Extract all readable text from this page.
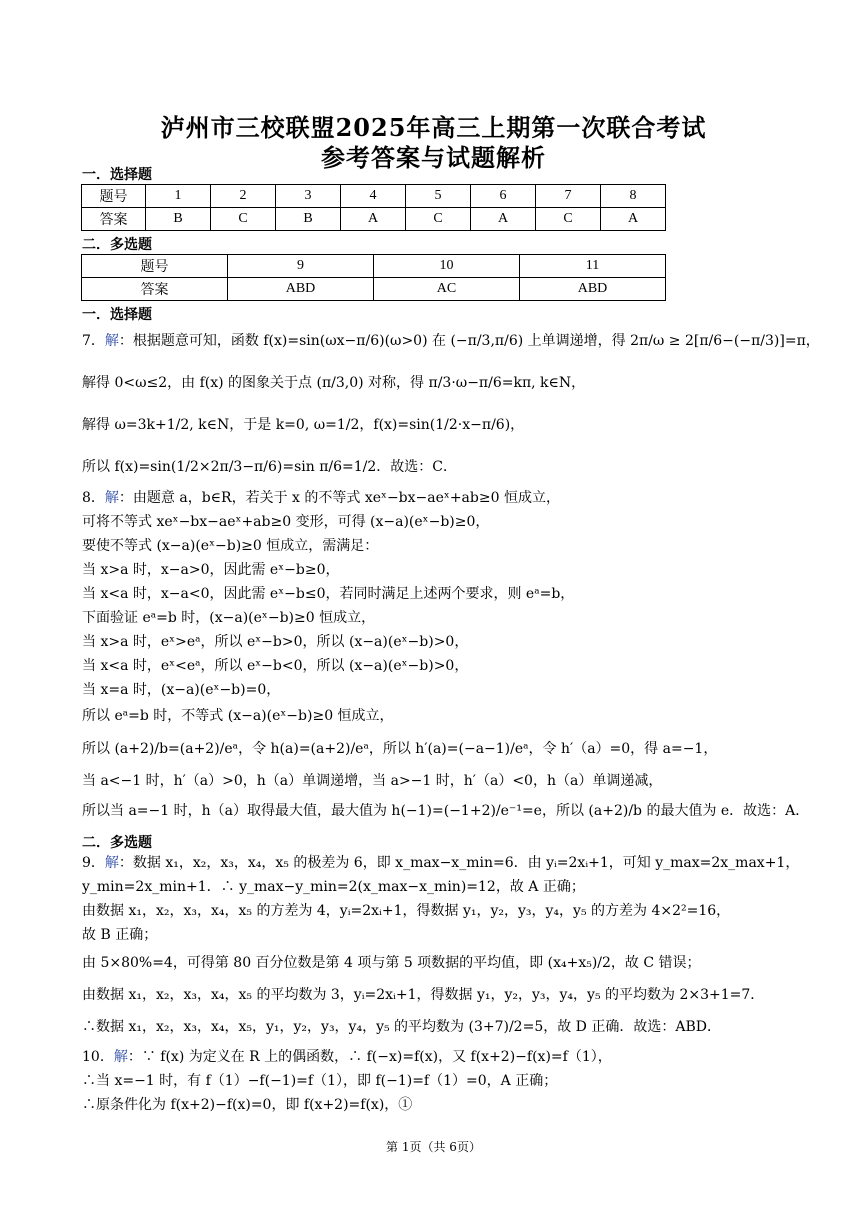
泸州市三校联盟2025年高三上期第一次联合考试
参考答案与试题解析
一．选择题
题号	1	2	3	4	5	6	7	8
答案	B	C	B	A	C	A	C	A
二．多选题
题号	9	10	11
答案	ABD	AC	ABD
一．选择题
7．解：根据题意可知，函数 f(x)=sin(ωx−π/6)(ω>0) 在 (−π/3,π/6) 上单调递增，得 2π/ω ≥ 2[π/6−(−π/3)]=π，
解得 0<ω≤2，由 f(x) 的图象关于点 (π/3,0) 对称，得 π/3·ω−π/6=kπ, k∈N，
解得 ω=3k+1/2, k∈N，于是 k=0, ω=1/2，f(x)=sin(1/2·x−π/6)，
所以 f(x)=sin(1/2×2π/3−π/6)=sin π/6=1/2．故选：C．
8．解：由题意 a，b∈R，若关于 x 的不等式 xeˣ−bx−aeˣ+ab≥0 恒成立，
可将不等式 xeˣ−bx−aeˣ+ab≥0 变形，可得 (x−a)(eˣ−b)≥0，
要使不等式 (x−a)(eˣ−b)≥0 恒成立，需满足：
当 x>a 时，x−a>0，因此需 eˣ−b≥0，
当 x<a 时，x−a<0，因此需 eˣ−b≤0，若同时满足上述两个要求，则 eᵃ=b，
下面验证 eᵃ=b 时，(x−a)(eˣ−b)≥0 恒成立，
当 x>a 时，eˣ>eᵃ，所以 eˣ−b>0，所以 (x−a)(eˣ−b)>0，
当 x<a 时，eˣ<eᵃ，所以 eˣ−b<0，所以 (x−a)(eˣ−b)>0，
当 x=a 时，(x−a)(eˣ−b)=0，
所以 eᵃ=b 时，不等式 (x−a)(eˣ−b)≥0 恒成立，
所以 (a+2)/b=(a+2)/eᵃ，令 h(a)=(a+2)/eᵃ，所以 h′(a)=(−a−1)/eᵃ，令 h′（a）=0，得 a=−1，
当 a<−1 时，h′（a）>0，h（a）单调递增，当 a>−1 时，h′（a）<0，h（a）单调递减，
所以当 a=−1 时，h（a）取得最大值，最大值为 h(−1)=(−1+2)/e⁻¹=e，所以 (a+2)/b 的最大值为 e．故选：A．
二．多选题
9．解：数据 x₁，x₂，x₃，x₄，x₅ 的极差为 6，即 x_max−x_min=6．由 yᵢ=2xᵢ+1，可知 y_max=2x_max+1，
y_min=2x_min+1．∴ y_max−y_min=2(x_max−x_min)=12，故 A 正确；
由数据 x₁，x₂，x₃，x₄，x₅ 的方差为 4，yᵢ=2xᵢ+1，得数据 y₁，y₂，y₃，y₄，y₅ 的方差为 4×2²=16，
故 B 正确；
由 5×80%=4，可得第 80 百分位数是第 4 项与第 5 项数据的平均值，即 (x₄+x₅)/2，故 C 错误；
由数据 x₁，x₂，x₃，x₄，x₅ 的平均数为 3，yᵢ=2xᵢ+1，得数据 y₁，y₂，y₃，y₄，y₅ 的平均数为 2×3+1=7．
∴数据 x₁，x₂，x₃，x₄，x₅，y₁，y₂，y₃，y₄，y₅ 的平均数为 (3+7)/2=5，故 D 正确．故选：ABD．
10．解：∵ f(x) 为定义在 R 上的偶函数，∴ f(−x)=f(x)，又 f(x+2)−f(x)=f（1），
∴当 x=−1 时，有 f（1）−f(−1)=f（1），即 f(−1)=f（1）=0，A 正确；
∴原条件化为 f(x+2)−f(x)=0，即 f(x+2)=f(x)，①
第 1页（共 6页）
